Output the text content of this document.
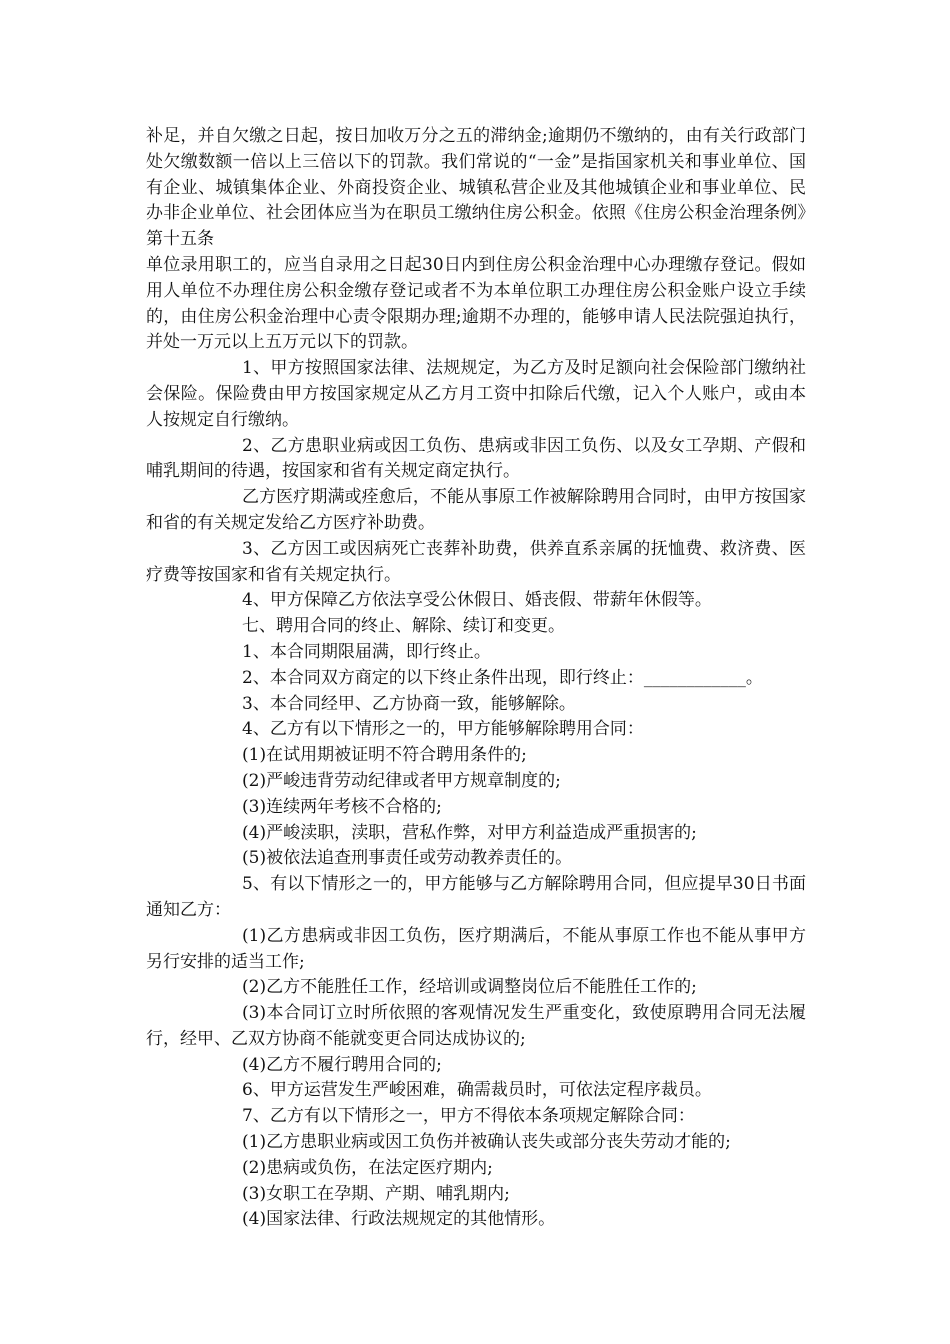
补足，并自欠缴之日起，按日加收万分之五的滞纳金;逾期仍不缴纳的，由有关行政部门处欠缴数额一倍以上三倍以下的罚款。我们常说的“一金”是指国家机关和事业单位、国有企业、城镇集体企业、外商投资企业、城镇私营企业及其他城镇企业和事业单位、民办非企业单位、社会团体应当为在职员工缴纳住房公积金。依照《住房公积金治理条例》第十五条

单位录用职工的，应当自录用之日起30日内到住房公积金治理中心办理缴存登记。假如用人单位不办理住房公积金缴存登记或者不为本单位职工办理住房公积金账户设立手续的，由住房公积金治理中心责令限期办理;逾期不办理的，能够申请人民法院强迫执行，并处一万元以上五万元以下的罚款。

1、甲方按照国家法律、法规规定，为乙方及时足额向社会保险部门缴纳社会保险。保险费由甲方按国家规定从乙方月工资中扣除后代缴，记入个人账户，或由本人按规定自行缴纳。

2、乙方患职业病或因工负伤、患病或非因工负伤、以及女工孕期、产假和哺乳期间的待遇，按国家和省有关规定商定执行。

乙方医疗期满或痊愈后，不能从事原工作被解除聘用合同时，由甲方按国家和省的有关规定发给乙方医疗补助费。

3、乙方因工或因病死亡丧葬补助费，供养直系亲属的抚恤费、救济费、医疗费等按国家和省有关规定执行。

4、甲方保障乙方依法享受公休假日、婚丧假、带薪年休假等。

七、聘用合同的终止、解除、续订和变更。

1、本合同期限届满，即行终止。

2、本合同双方商定的以下终止条件出现，即行终止：____________。

3、本合同经甲、乙方协商一致，能够解除。

4、乙方有以下情形之一的，甲方能够解除聘用合同：

(1)在试用期被证明不符合聘用条件的;

(2)严峻违背劳动纪律或者甲方规章制度的;

(3)连续两年考核不合格的;

(4)严峻渎职，渎职，营私作弊，对甲方利益造成严重损害的;

(5)被依法追查刑事责任或劳动教养责任的。

5、有以下情形之一的，甲方能够与乙方解除聘用合同，但应提早30日书面通知乙方：

(1)乙方患病或非因工负伤，医疗期满后，不能从事原工作也不能从事甲方另行安排的适当工作;

(2)乙方不能胜任工作，经培训或调整岗位后不能胜任工作的;

(3)本合同订立时所依照的客观情况发生严重变化，致使原聘用合同无法履行，经甲、乙双方协商不能就变更合同达成协议的;

(4)乙方不履行聘用合同的;

6、甲方运营发生严峻困难，确需裁员时，可依法定程序裁员。

7、乙方有以下情形之一，甲方不得依本条项规定解除合同：

(1)乙方患职业病或因工负伤并被确认丧失或部分丧失劳动才能的;

(2)患病或负伤，在法定医疗期内;

(3)女职工在孕期、产期、哺乳期内;

(4)国家法律、行政法规规定的其他情形。
